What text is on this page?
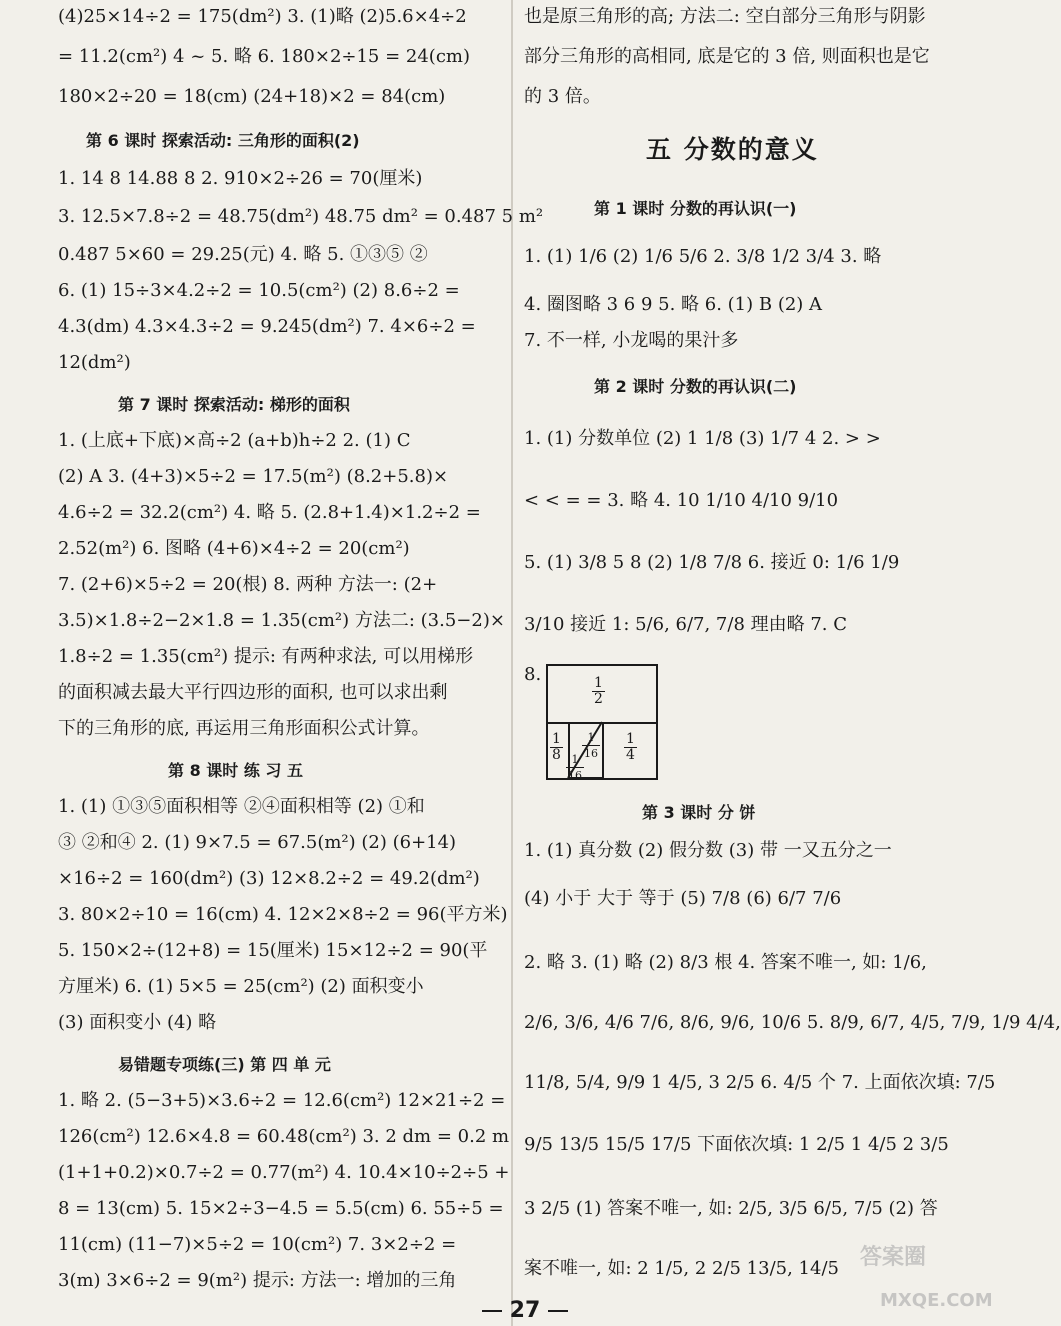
(4)25×14÷2 = 175(dm²) 3. (1)略 (2)5.6×4÷2
= 11.2(cm²) 4 ~ 5. 略 6. 180×2÷15 = 24(cm)
180×2÷20 = 18(cm) (24+18)×2 = 84(cm)
第 6 课时 探索活动: 三角形的面积(2)
1. 14 8 14.88 8 2. 910×2÷26 = 70(厘米)
3. 12.5×7.8÷2 = 48.75(dm²) 48.75 dm² = 0.487 5 m²
0.487 5×60 = 29.25(元) 4. 略 5. ①③⑤ ②
6. (1) 15÷3×4.2÷2 = 10.5(cm²) (2) 8.6÷2 =
4.3(dm) 4.3×4.3÷2 = 9.245(dm²) 7. 4×6÷2 =
12(dm²)
第 7 课时 探索活动: 梯形的面积
1. (上底+下底)×高÷2 (a+b)h÷2 2. (1) C
(2) A 3. (4+3)×5÷2 = 17.5(m²) (8.2+5.8)×
4.6÷2 = 32.2(cm²) 4. 略 5. (2.8+1.4)×1.2÷2 =
2.52(m²) 6. 图略 (4+6)×4÷2 = 20(cm²)
7. (2+6)×5÷2 = 20(根) 8. 两种 方法一: (2+
3.5)×1.8÷2−2×1.8 = 1.35(cm²) 方法二: (3.5−2)×
1.8÷2 = 1.35(cm²) 提示: 有两种求法, 可以用梯形
的面积减去最大平行四边形的面积, 也可以求出剩
下的三角形的底, 再运用三角形面积公式计算。
第 8 课时 练 习 五
1. (1) ①③⑤面积相等 ②④面积相等 (2) ①和
③ ②和④ 2. (1) 9×7.5 = 67.5(m²) (2) (6+14)
×16÷2 = 160(dm²) (3) 12×8.2÷2 = 49.2(dm²)
3. 80×2÷10 = 16(cm) 4. 12×2×8÷2 = 96(平方米)
5. 150×2÷(12+8) = 15(厘米) 15×12÷2 = 90(平
方厘米) 6. (1) 5×5 = 25(cm²) (2) 面积变小
(3) 面积变小 (4) 略
易错题专项练(三) 第 四 单 元
1. 略 2. (5−3+5)×3.6÷2 = 12.6(cm²) 12×21÷2 =
126(cm²) 12.6×4.8 = 60.48(cm²) 3. 2 dm = 0.2 m
(1+1+0.2)×0.7÷2 = 0.77(m²) 4. 10.4×10÷2÷5 +
8 = 13(cm) 5. 15×2÷3−4.5 = 5.5(cm) 6. 55÷5 =
11(cm) (11−7)×5÷2 = 10(cm²) 7. 3×2÷2 =
3(m) 3×6÷2 = 9(m²) 提示: 方法一: 增加的三角
也是原三角形的高; 方法二: 空白部分三角形与阴影
部分三角形的高相同, 底是它的 3 倍, 则面积也是它
的 3 倍。
五 分数的意义
第 1 课时 分数的再认识(一)
1. (1) 1/6 (2) 1/6 5/6 2. 3/8 1/2 3/4 3. 略
4. 圈图略 3 6 9 5. 略 6. (1) B (2) A
7. 不一样, 小龙喝的果汁多
第 2 课时 分数的再认识(二)
1. (1) 分数单位 (2) 1 1/8 (3) 1/7 4 2. > >
< < = = 3. 略 4. 10 1/10 4/10 9/10
5. (1) 3/8 5 8 (2) 1/8 7/8 6. 接近 0: 1/6 1/9
3/10 接近 1: 5/6, 6/7, 7/8 理由略 7. C
8.
第 3 课时 分 饼
1. (1) 真分数 (2) 假分数 (3) 带 一又五分之一
(4) 小于 大于 等于 (5) 7/8 (6) 6/7 7/6
2. 略 3. (1) 略 (2) 8/3 根 4. 答案不唯一, 如: 1/6,
2/6, 3/6, 4/6 7/6, 8/6, 9/6, 10/6 5. 8/9, 6/7, 4/5, 7/9, 1/9 4/4,
11/8, 5/4, 9/9 1 4/5, 3 2/5 6. 4/5 个 7. 上面依次填: 7/5
9/5 13/5 15/5 17/5 下面依次填: 1 2/5 1 4/5 2 3/5
3 2/5 (1) 答案不唯一, 如: 2/5, 3/5 6/5, 7/5 (2) 答
案不唯一, 如: 2 1/5, 2 2/5 13/5, 14/5
$\frac{1}{2}$
$\frac{1}{8} \frac{1}{16}$
$\frac{1}{16}$
$\frac{1}{4}$
27
答案圈
MXQE.COM
